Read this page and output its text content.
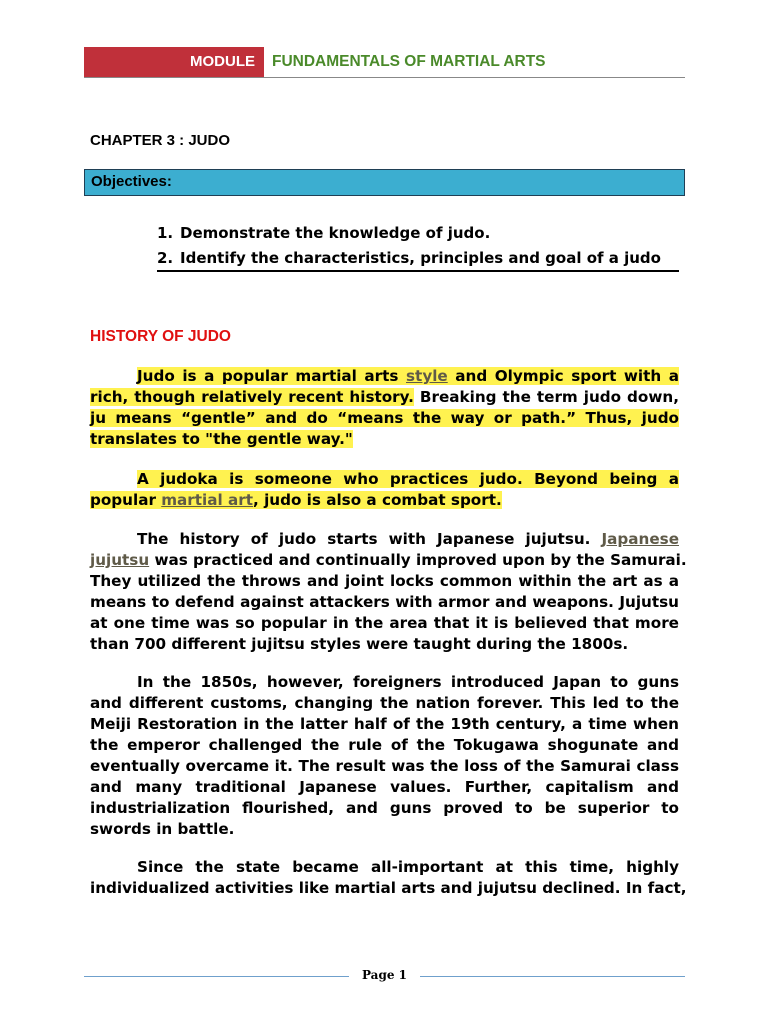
MODULE	FUNDAMENTALS OF MARTIAL ARTS
CHAPTER 3 : JUDO
Objectives:
1. Demonstrate the knowledge of judo.
2. Identify the characteristics, principles and goal of a judo
HISTORY OF JUDO
Judo is a popular martial arts style and Olympic sport with a
rich, though relatively recent history. Breaking the term judo down,
ju means “gentle” and do “means the way or path.” Thus, judo
translates to "the gentle way."
A judoka is someone who practices judo. Beyond being a
popular martial art, judo is also a combat sport.
The history of judo starts with Japanese jujutsu. Japanese
jujutsu was practiced and continually improved upon by the Samurai.
They utilized the throws and joint locks common within the art as a
means to defend against attackers with armor and weapons. Jujutsu
at one time was so popular in the area that it is believed that more
than 700 different jujitsu styles were taught during the 1800s.
In the 1850s, however, foreigners introduced Japan to guns
and different customs, changing the nation forever. This led to the
Meiji Restoration in the latter half of the 19th century, a time when
the emperor challenged the rule of the Tokugawa shogunate and
eventually overcame it. The result was the loss of the Samurai class
and many traditional Japanese values. Further, capitalism and
industrialization flourished, and guns proved to be superior to
swords in battle.
Since the state became all-important at this time, highly
individualized activities like martial arts and jujutsu declined. In fact,
Page 1
